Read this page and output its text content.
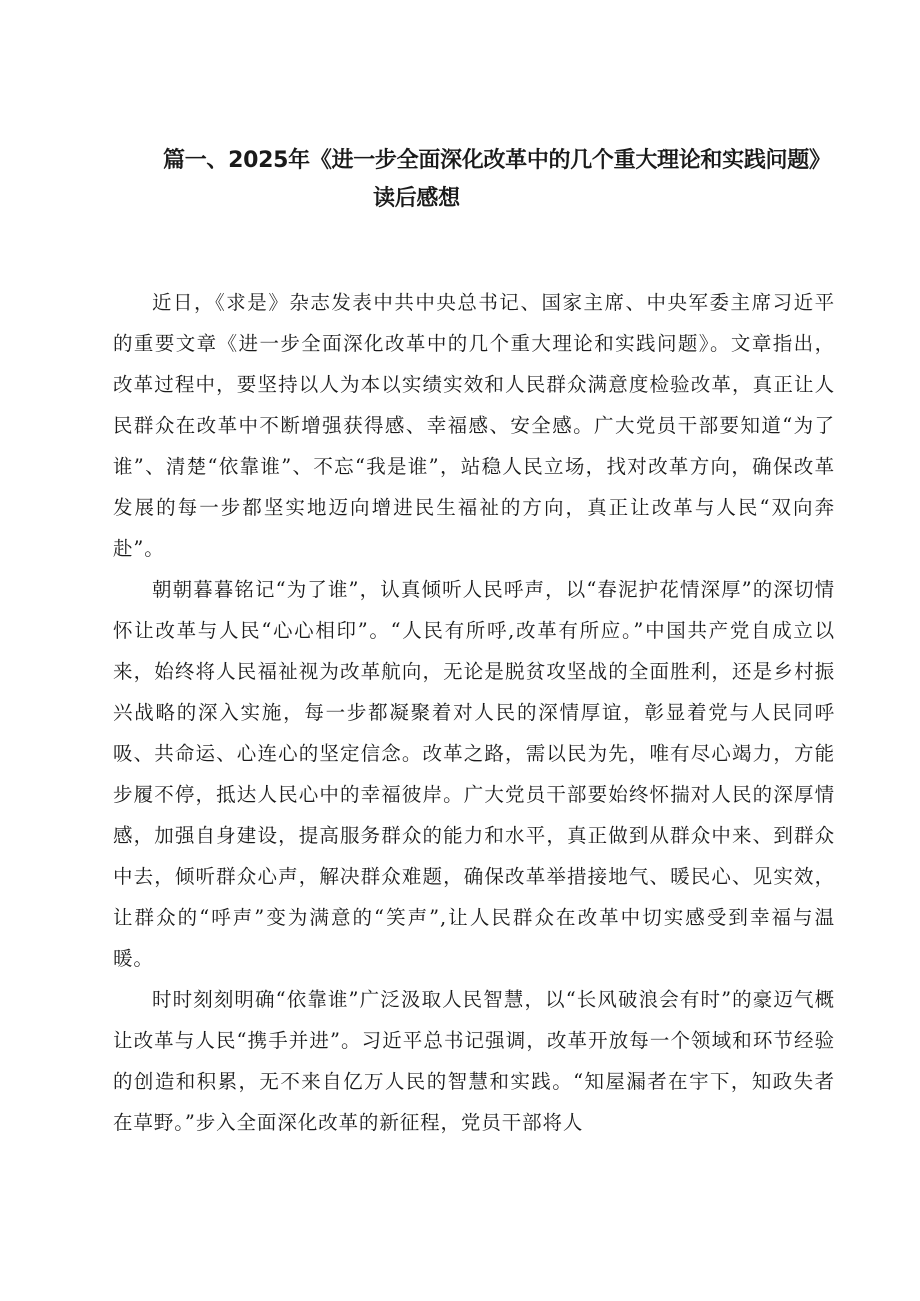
篇一、2025年《进一步全面深化改革中的几个重大理论和实践问题》
读后感想

近日，《求是》杂志发表中共中央总书记、国家主席、中央军委主席习近平的重要文章《进一步全面深化改革中的几个重大理论和实践问题》。文章指出，改革过程中，要坚持以人为本以实绩实效和人民群众满意度检验改革，真正让人民群众在改革中不断增强获得感、幸福感、安全感。广大党员干部要知道“为了谁”、清楚“依靠谁”、不忘“我是谁”，站稳人民立场，找对改革方向，确保改革发展的每一步都坚实地迈向增进民生福祉的方向，真正让改革与人民“双向奔赴”。

朝朝暮暮铭记“为了谁”，认真倾听人民呼声，以“春泥护花情深厚”的深切情怀让改革与人民“心心相印”。“人民有所呼,改革有所应。”中国共产党自成立以来，始终将人民福祉视为改革航向，无论是脱贫攻坚战的全面胜利，还是乡村振兴战略的深入实施，每一步都凝聚着对人民的深情厚谊，彰显着党与人民同呼吸、共命运、心连心的坚定信念。改革之路，需以民为先，唯有尽心竭力，方能步履不停，抵达人民心中的幸福彼岸。广大党员干部要始终怀揣对人民的深厚情感，加强自身建设，提高服务群众的能力和水平，真正做到从群众中来、到群众中去，倾听群众心声，解决群众难题，确保改革举措接地气、暖民心、见实效，让群众的“呼声”变为满意的“笑声”,让人民群众在改革中切实感受到幸福与温暖。

时时刻刻明确“依靠谁”广泛汲取人民智慧，以“长风破浪会有时”的豪迈气概让改革与人民“携手并进”。习近平总书记强调，改革开放每一个领域和环节经验的创造和积累，无不来自亿万人民的智慧和实践。“知屋漏者在宇下，知政失者在草野。”步入全面深化改革的新征程，党员干部将人
